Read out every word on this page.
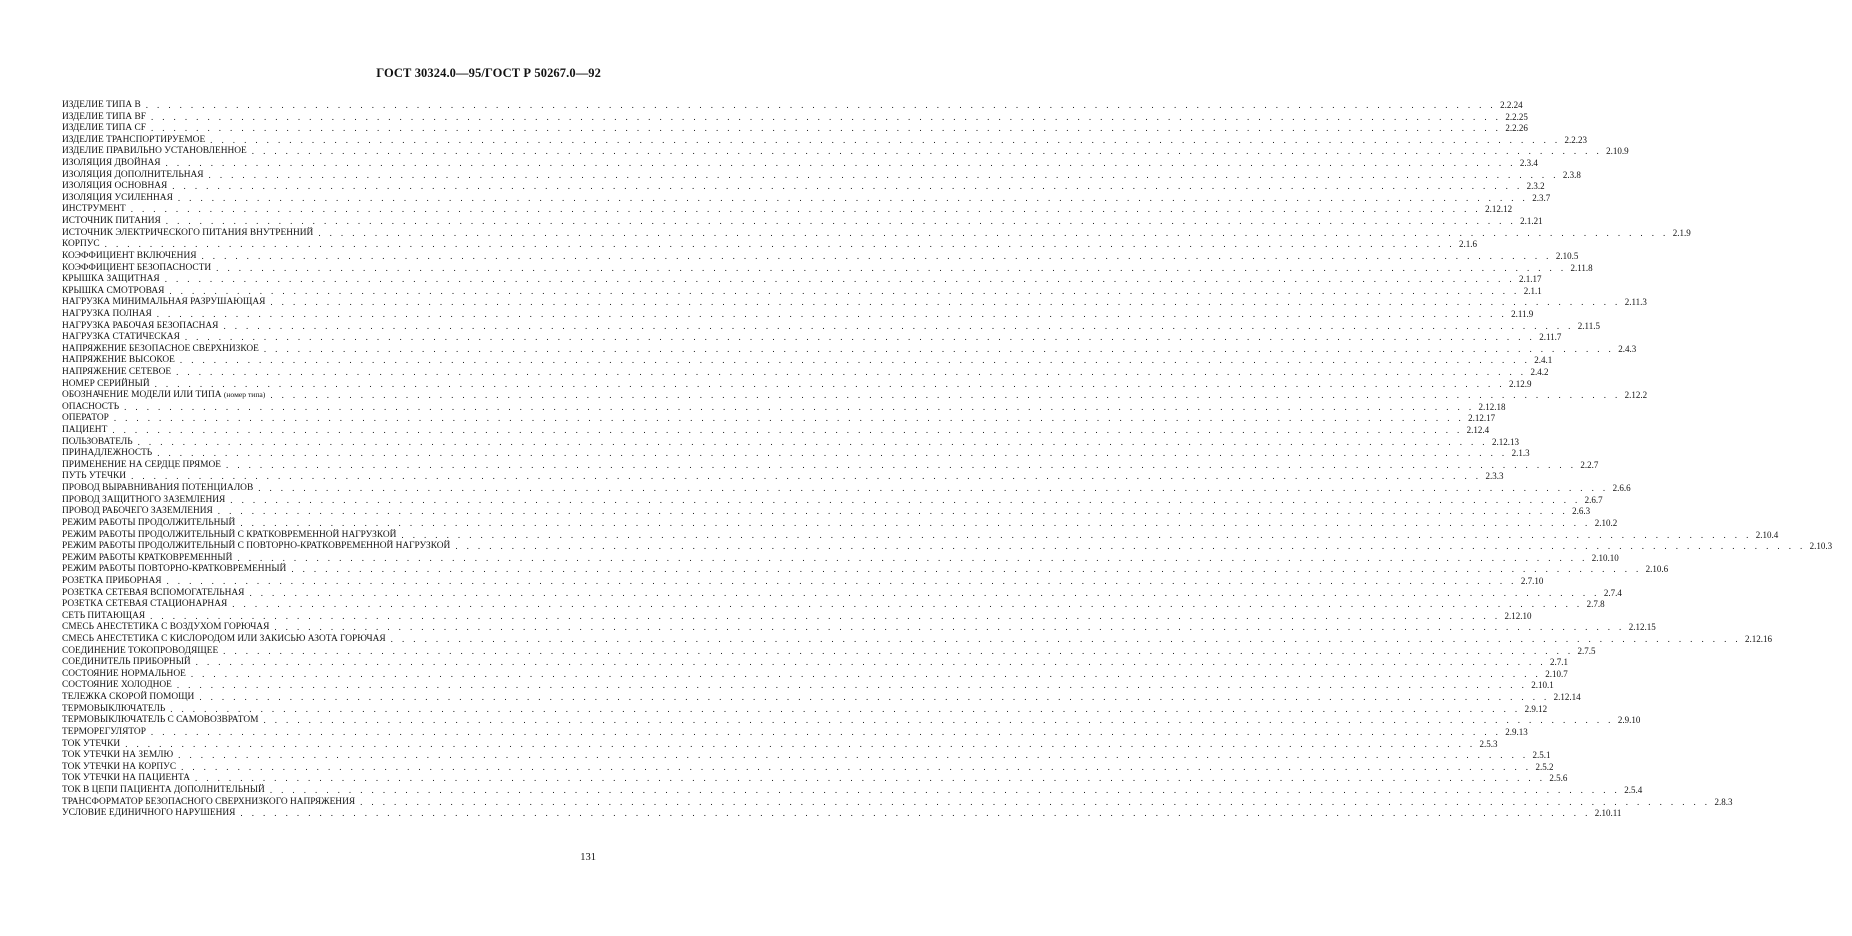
ГОСТ 30324.0—95/ГОСТ Р 50267.0—92
ИЗДЕЛИЕ ТИПА В . . . . . . . . . . . . . . . . . . . . . . . . . . . . . . . . . . . . . . . . . . . . . . . . . . . . . . . . . . . . . . . . . . . . . . . . . . . . . . . . . . . . . . . . . . . . . . . . . . . . . . . . . . . . . . . . . . . . . . . . 2.2.24
ИЗДЕЛИЕ ТИПА BF . . . . . . . . . . . . . . . . . . . . . . . . . . . . . . . . . . . . . . . . . . . . . . . . . . . . . . . . . . . . . . . . . . . . . . . . . . . . . . . . . . . . . . . . . . . . . . . . . . . . . . . . . . . . . . . . . . . . . . . . 2.2.25
ИЗДЕЛИЕ ТИПА CF . . . . . . . . . . . . . . . . . . . . . . . . . . . . . . . . . . . . . . . . . . . . . . . . . . . . . . . . . . . . . . . . . . . . . . . . . . . . . . . . . . . . . . . . . . . . . . . . . . . . . . . . . . . . . . . . . . . . . . . . 2.2.26
ИЗДЕЛИЕ ТРАНСПОРТИРУЕМОЕ . . . . . . . . . . . . . . . . . . . . . . . . . . . . . . . . . . . . . . . . . . . . . . . . . . . . . . . . . . . . . . . . . . . . . . . . . . . . . . . . . . . . . . . . . . . . . . . . . . . . . . . . . . . . . . . . . . . . . . . . 2.2.23
ИЗДЕЛИЕ ПРАВИЛЬНО УСТАНОВЛЕННОЕ . . . . . . . . . . . . . . . . . . . . . . . . . . . . . . . . . . . . . . . . . . . . . . . . . . . . . . . . . . . . . . . . . . . . . . . . . . . . . . . . . . . . . . . . . . . . . . . . . . . . . . . . . . . . . . . . . . . . . . . . 2.10.9
ИЗОЛЯЦИЯ ДВОЙНАЯ . . . . . . . . . . . . . . . . . . . . . . . . . . . . . . . . . . . . . . . . . . . . . . . . . . . . . . . . . . . . . . . . . . . . . . . . . . . . . . . . . . . . . . . . . . . . . . . . . . . . . . . . . . . . . . . . . . . . . . . . 2.3.4
ИЗОЛЯЦИЯ ДОПОЛНИТЕЛЬНАЯ . . . . . . . . . . . . . . . . . . . . . . . . . . . . . . . . . . . . . . . . . . . . . . . . . . . . . . . . . . . . . . . . . . . . . . . . . . . . . . . . . . . . . . . . . . . . . . . . . . . . . . . . . . . . . . . . . . . . . . . . 2.3.8
ИЗОЛЯЦИЯ ОСНОВНАЯ . . . . . . . . . . . . . . . . . . . . . . . . . . . . . . . . . . . . . . . . . . . . . . . . . . . . . . . . . . . . . . . . . . . . . . . . . . . . . . . . . . . . . . . . . . . . . . . . . . . . . . . . . . . . . . . . . . . . . . . . 2.3.2
ИЗОЛЯЦИЯ УСИЛЕННАЯ . . . . . . . . . . . . . . . . . . . . . . . . . . . . . . . . . . . . . . . . . . . . . . . . . . . . . . . . . . . . . . . . . . . . . . . . . . . . . . . . . . . . . . . . . . . . . . . . . . . . . . . . . . . . . . . . . . . . . . . . 2.3.7
ИНСТРУМЕНТ . . . . . . . . . . . . . . . . . . . . . . . . . . . . . . . . . . . . . . . . . . . . . . . . . . . . . . . . . . . . . . . . . . . . . . . . . . . . . . . . . . . . . . . . . . . . . . . . . . . . . . . . . . . . . . . . . . . . . . . . 2.12.12
ИСТОЧНИК ПИТАНИЯ . . . . . . . . . . . . . . . . . . . . . . . . . . . . . . . . . . . . . . . . . . . . . . . . . . . . . . . . . . . . . . . . . . . . . . . . . . . . . . . . . . . . . . . . . . . . . . . . . . . . . . . . . . . . . . . . . . . . . . . . 2.1.21
ИСТОЧНИК ЭЛЕКТРИЧЕСКОГО ПИТАНИЯ ВНУТРЕННИЙ . . . . . . . . . . . . . . . . . . . . . . . . . . . . . . . . . . . . . . . . . . . . . . . . . . . . . . . . . . . . . . . . . . . . . . . . . . . . . . . . . . . . . . . . . . . . . . . . . . . . . . . . . . . . . . . . . . . . . . . . 2.1.9
КОРПУС . . . . . . . . . . . . . . . . . . . . . . . . . . . . . . . . . . . . . . . . . . . . . . . . . . . . . . . . . . . . . . . . . . . . . . . . . . . . . . . . . . . . . . . . . . . . . . . . . . . . . . . . . . . . . . . . . . . . . . . . 2.1.6
КОЭФФИЦИЕНТ ВКЛЮЧЕНИЯ . . . . . . . . . . . . . . . . . . . . . . . . . . . . . . . . . . . . . . . . . . . . . . . . . . . . . . . . . . . . . . . . . . . . . . . . . . . . . . . . . . . . . . . . . . . . . . . . . . . . . . . . . . . . . . . . . . . . . . . . 2.10.5
КОЭФФИЦИЕНТ БЕЗОПАСНОСТИ . . . . . . . . . . . . . . . . . . . . . . . . . . . . . . . . . . . . . . . . . . . . . . . . . . . . . . . . . . . . . . . . . . . . . . . . . . . . . . . . . . . . . . . . . . . . . . . . . . . . . . . . . . . . . . . . . . . . . . . . 2.11.8
КРЫШКА ЗАЩИТНАЯ . . . . . . . . . . . . . . . . . . . . . . . . . . . . . . . . . . . . . . . . . . . . . . . . . . . . . . . . . . . . . . . . . . . . . . . . . . . . . . . . . . . . . . . . . . . . . . . . . . . . . . . . . . . . . . . . . . . . . . . . 2.1.17
КРЫШКА СМОТРОВАЯ . . . . . . . . . . . . . . . . . . . . . . . . . . . . . . . . . . . . . . . . . . . . . . . . . . . . . . . . . . . . . . . . . . . . . . . . . . . . . . . . . . . . . . . . . . . . . . . . . . . . . . . . . . . . . . . . . . . . . . . . 2.1.1
НАГРУЗКА МИНИМАЛЬНАЯ РАЗРУШАЮЩАЯ . . . . . . . . . . . . . . . . . . . . . . . . . . . . . . . . . . . . . . . . . . . . . . . . . . . . . . . . . . . . . . . . . . . . . . . . . . . . . . . . . . . . . . . . . . . . . . . . . . . . . . . . . . . . . . . . . . . . . . . . 2.11.3
НАГРУЗКА ПОЛНАЯ . . . . . . . . . . . . . . . . . . . . . . . . . . . . . . . . . . . . . . . . . . . . . . . . . . . . . . . . . . . . . . . . . . . . . . . . . . . . . . . . . . . . . . . . . . . . . . . . . . . . . . . . . . . . . . . . . . . . . . . . 2.11.9
НАГРУЗКА РАБОЧАЯ БЕЗОПАСНАЯ . . . . . . . . . . . . . . . . . . . . . . . . . . . . . . . . . . . . . . . . . . . . . . . . . . . . . . . . . . . . . . . . . . . . . . . . . . . . . . . . . . . . . . . . . . . . . . . . . . . . . . . . . . . . . . . . . . . . . . . . 2.11.5
НАГРУЗКА СТАТИЧЕСКАЯ . . . . . . . . . . . . . . . . . . . . . . . . . . . . . . . . . . . . . . . . . . . . . . . . . . . . . . . . . . . . . . . . . . . . . . . . . . . . . . . . . . . . . . . . . . . . . . . . . . . . . . . . . . . . . . . . . . . . . . . . 2.11.7
НАПРЯЖЕНИЕ БЕЗОПАСНОЕ СВЕРХНИЗКОЕ . . . . . . . . . . . . . . . . . . . . . . . . . . . . . . . . . . . . . . . . . . . . . . . . . . . . . . . . . . . . . . . . . . . . . . . . . . . . . . . . . . . . . . . . . . . . . . . . . . . . . . . . . . . . . . . . . . . . . . . . 2.4.3
НАПРЯЖЕНИЕ ВЫСОКОЕ . . . . . . . . . . . . . . . . . . . . . . . . . . . . . . . . . . . . . . . . . . . . . . . . . . . . . . . . . . . . . . . . . . . . . . . . . . . . . . . . . . . . . . . . . . . . . . . . . . . . . . . . . . . . . . . . . . . . . . . . 2.4.1
НАПРЯЖЕНИЕ СЕТЕВОЕ . . . . . . . . . . . . . . . . . . . . . . . . . . . . . . . . . . . . . . . . . . . . . . . . . . . . . . . . . . . . . . . . . . . . . . . . . . . . . . . . . . . . . . . . . . . . . . . . . . . . . . . . . . . . . . . . . . . . . . . . 2.4.2
НОМЕР СЕРИЙНЫЙ . . . . . . . . . . . . . . . . . . . . . . . . . . . . . . . . . . . . . . . . . . . . . . . . . . . . . . . . . . . . . . . . . . . . . . . . . . . . . . . . . . . . . . . . . . . . . . . . . . . . . . . . . . . . . . . . . . . . . . . . 2.12.9
ОБОЗНАЧЕНИЕ МОДЕЛИ ИЛИ ТИПА (номер типа) . . . . . . . . . . . . . . . . . . . . . . . . . . . . . . . . . . . . . . . . . . . . . . . . . . . . . . . . . . . . . . . . . . . . . . . . . . . . . . . . . . . . . . . . . . . . . . . . . . . . . . . . . . . . . . . . . . . . . . . . 2.12.2
ОПАСНОСТЬ . . . . . . . . . . . . . . . . . . . . . . . . . . . . . . . . . . . . . . . . . . . . . . . . . . . . . . . . . . . . . . . . . . . . . . . . . . . . . . . . . . . . . . . . . . . . . . . . . . . . . . . . . . . . . . . . . . . . . . . . 2.12.18
ОПЕРАТОР . . . . . . . . . . . . . . . . . . . . . . . . . . . . . . . . . . . . . . . . . . . . . . . . . . . . . . . . . . . . . . . . . . . . . . . . . . . . . . . . . . . . . . . . . . . . . . . . . . . . . . . . . . . . . . . . . . . . . . . . 2.12.17
ПАЦИЕНТ . . . . . . . . . . . . . . . . . . . . . . . . . . . . . . . . . . . . . . . . . . . . . . . . . . . . . . . . . . . . . . . . . . . . . . . . . . . . . . . . . . . . . . . . . . . . . . . . . . . . . . . . . . . . . . . . . . . . . . . . 2.12.4
ПОЛЬЗОВАТЕЛЬ . . . . . . . . . . . . . . . . . . . . . . . . . . . . . . . . . . . . . . . . . . . . . . . . . . . . . . . . . . . . . . . . . . . . . . . . . . . . . . . . . . . . . . . . . . . . . . . . . . . . . . . . . . . . . . . . . . . . . . . . 2.12.13
ПРИНАДЛЕЖНОСТЬ . . . . . . . . . . . . . . . . . . . . . . . . . . . . . . . . . . . . . . . . . . . . . . . . . . . . . . . . . . . . . . . . . . . . . . . . . . . . . . . . . . . . . . . . . . . . . . . . . . . . . . . . . . . . . . . . . . . . . . . . 2.1.3
ПРИМЕНЕНИЕ НА СЕРДЦЕ ПРЯМОЕ . . . . . . . . . . . . . . . . . . . . . . . . . . . . . . . . . . . . . . . . . . . . . . . . . . . . . . . . . . . . . . . . . . . . . . . . . . . . . . . . . . . . . . . . . . . . . . . . . . . . . . . . . . . . . . . . . . . . . . . . 2.2.7
ПУТЬ УТЕЧКИ . . . . . . . . . . . . . . . . . . . . . . . . . . . . . . . . . . . . . . . . . . . . . . . . . . . . . . . . . . . . . . . . . . . . . . . . . . . . . . . . . . . . . . . . . . . . . . . . . . . . . . . . . . . . . . . . . . . . . . . . 2.3.3
ПРОВОД ВЫРАВНИВАНИЯ ПОТЕНЦИАЛОВ . . . . . . . . . . . . . . . . . . . . . . . . . . . . . . . . . . . . . . . . . . . . . . . . . . . . . . . . . . . . . . . . . . . . . . . . . . . . . . . . . . . . . . . . . . . . . . . . . . . . . . . . . . . . . . . . . . . . . . . . 2.6.6
ПРОВОД ЗАЩИТНОГО ЗАЗЕМЛЕНИЯ . . . . . . . . . . . . . . . . . . . . . . . . . . . . . . . . . . . . . . . . . . . . . . . . . . . . . . . . . . . . . . . . . . . . . . . . . . . . . . . . . . . . . . . . . . . . . . . . . . . . . . . . . . . . . . . . . . . . . . . . 2.6.7
ПРОВОД РАБОЧЕГО ЗАЗЕМЛЕНИЯ . . . . . . . . . . . . . . . . . . . . . . . . . . . . . . . . . . . . . . . . . . . . . . . . . . . . . . . . . . . . . . . . . . . . . . . . . . . . . . . . . . . . . . . . . . . . . . . . . . . . . . . . . . . . . . . . . . . . . . . . 2.6.3
РЕЖИМ РАБОТЫ ПРОДОЛЖИТЕЛЬНЫЙ . . . . . . . . . . . . . . . . . . . . . . . . . . . . . . . . . . . . . . . . . . . . . . . . . . . . . . . . . . . . . . . . . . . . . . . . . . . . . . . . . . . . . . . . . . . . . . . . . . . . . . . . . . . . . . . . . . . . . . . . 2.10.2
РЕЖИМ РАБОТЫ ПРОДОЛЖИТЕЛЬНЫЙ С КРАТКОВРЕМЕННОЙ НАГРУЗКОЙ . . . . . . . . . . . . . . . . . . . . . . . . . . . . . . . . . . . . . . . . . . . . . . . . . . . . . . . . . . . . . . . . . . . . . . . . . . . . . . . . . . . . . . . . . . . . . . . . . . . . . . . . . . . . . . . . . . . . . . . . 2.10.4
РЕЖИМ РАБОТЫ ПРОДОЛЖИТЕЛЬНЫЙ С ПОВТОРНО-КРАТКОВРЕМЕННОЙ НАГРУЗКОЙ . . . . . . . . . . . . . . . . . . . . . . . . . . . . . . . . . . . . . . . . . . . . . . . . . . . . . . . . . . . . . . . . . . . . . . . . . . . . . . . . . . . . . . . . . . . . . . . . . . . . . . . . . . . . . . . . . . . . . . . . 2.10.3
РЕЖИМ РАБОТЫ КРАТКОВРЕМЕННЫЙ . . . . . . . . . . . . . . . . . . . . . . . . . . . . . . . . . . . . . . . . . . . . . . . . . . . . . . . . . . . . . . . . . . . . . . . . . . . . . . . . . . . . . . . . . . . . . . . . . . . . . . . . . . . . . . . . . . . . . . . . 2.10.10
РЕЖИМ РАБОТЫ ПОВТОРНО-КРАТКОВРЕМЕННЫЙ . . . . . . . . . . . . . . . . . . . . . . . . . . . . . . . . . . . . . . . . . . . . . . . . . . . . . . . . . . . . . . . . . . . . . . . . . . . . . . . . . . . . . . . . . . . . . . . . . . . . . . . . . . . . . . . . . . . . . . . . 2.10.6
РОЗЕТКА ПРИБОРНАЯ . . . . . . . . . . . . . . . . . . . . . . . . . . . . . . . . . . . . . . . . . . . . . . . . . . . . . . . . . . . . . . . . . . . . . . . . . . . . . . . . . . . . . . . . . . . . . . . . . . . . . . . . . . . . . . . . . . . . . . . . 2.7.10
РОЗЕТКА СЕТЕВАЯ ВСПОМОГАТЕЛЬНАЯ . . . . . . . . . . . . . . . . . . . . . . . . . . . . . . . . . . . . . . . . . . . . . . . . . . . . . . . . . . . . . . . . . . . . . . . . . . . . . . . . . . . . . . . . . . . . . . . . . . . . . . . . . . . . . . . . . . . . . . . . 2.7.4
РОЗЕТКА СЕТЕВАЯ СТАЦИОНАРНАЯ . . . . . . . . . . . . . . . . . . . . . . . . . . . . . . . . . . . . . . . . . . . . . . . . . . . . . . . . . . . . . . . . . . . . . . . . . . . . . . . . . . . . . . . . . . . . . . . . . . . . . . . . . . . . . . . . . . . . . . . . 2.7.8
СЕТЬ ПИТАЮЩАЯ . . . . . . . . . . . . . . . . . . . . . . . . . . . . . . . . . . . . . . . . . . . . . . . . . . . . . . . . . . . . . . . . . . . . . . . . . . . . . . . . . . . . . . . . . . . . . . . . . . . . . . . . . . . . . . . . . . . . . . . . 2.12.10
СМЕСЬ АНЕСТЕТИКА С ВОЗДУХОМ ГОРЮЧАЯ . . . . . . . . . . . . . . . . . . . . . . . . . . . . . . . . . . . . . . . . . . . . . . . . . . . . . . . . . . . . . . . . . . . . . . . . . . . . . . . . . . . . . . . . . . . . . . . . . . . . . . . . . . . . . . . . . . . . . . . . 2.12.15
СМЕСЬ АНЕСТЕТИКА С КИСЛОРОДОМ ИЛИ ЗАКИСЬЮ АЗОТА ГОРЮЧАЯ . . . . . . . . . . . . . . . . . . . . . . . . . . . . . . . . . . . . . . . . . . . . . . . . . . . . . . . . . . . . . . . . . . . . . . . . . . . . . . . . . . . . . . . . . . . . . . . . . . . . . . . . . . . . . . . . . . . . . . . . 2.12.16
СОЕДИНЕНИЕ ТОКОПРОВОДЯЩЕЕ . . . . . . . . . . . . . . . . . . . . . . . . . . . . . . . . . . . . . . . . . . . . . . . . . . . . . . . . . . . . . . . . . . . . . . . . . . . . . . . . . . . . . . . . . . . . . . . . . . . . . . . . . . . . . . . . . . . . . . . . 2.7.5
СОЕДИНИТЕЛЬ ПРИБОРНЫЙ . . . . . . . . . . . . . . . . . . . . . . . . . . . . . . . . . . . . . . . . . . . . . . . . . . . . . . . . . . . . . . . . . . . . . . . . . . . . . . . . . . . . . . . . . . . . . . . . . . . . . . . . . . . . . . . . . . . . . . . . 2.7.1
СОСТОЯНИЕ НОРМАЛЬНОЕ . . . . . . . . . . . . . . . . . . . . . . . . . . . . . . . . . . . . . . . . . . . . . . . . . . . . . . . . . . . . . . . . . . . . . . . . . . . . . . . . . . . . . . . . . . . . . . . . . . . . . . . . . . . . . . . . . . . . . . . . 2.10.7
СОСТОЯНИЕ ХОЛОДНОЕ . . . . . . . . . . . . . . . . . . . . . . . . . . . . . . . . . . . . . . . . . . . . . . . . . . . . . . . . . . . . . . . . . . . . . . . . . . . . . . . . . . . . . . . . . . . . . . . . . . . . . . . . . . . . . . . . . . . . . . . . 2.10.1
ТЕЛЕЖКА СКОРОЙ ПОМОЩИ . . . . . . . . . . . . . . . . . . . . . . . . . . . . . . . . . . . . . . . . . . . . . . . . . . . . . . . . . . . . . . . . . . . . . . . . . . . . . . . . . . . . . . . . . . . . . . . . . . . . . . . . . . . . . . . . . . . . . . . . 2.12.14
ТЕРМОВЫКЛЮЧАТЕЛЬ . . . . . . . . . . . . . . . . . . . . . . . . . . . . . . . . . . . . . . . . . . . . . . . . . . . . . . . . . . . . . . . . . . . . . . . . . . . . . . . . . . . . . . . . . . . . . . . . . . . . . . . . . . . . . . . . . . . . . . . . 2.9.12
ТЕРМОВЫКЛЮЧАТЕЛЬ С САМОВОЗВРАТОМ . . . . . . . . . . . . . . . . . . . . . . . . . . . . . . . . . . . . . . . . . . . . . . . . . . . . . . . . . . . . . . . . . . . . . . . . . . . . . . . . . . . . . . . . . . . . . . . . . . . . . . . . . . . . . . . . . . . . . . . . 2.9.10
ТЕРМОРЕГУЛЯТОР . . . . . . . . . . . . . . . . . . . . . . . . . . . . . . . . . . . . . . . . . . . . . . . . . . . . . . . . . . . . . . . . . . . . . . . . . . . . . . . . . . . . . . . . . . . . . . . . . . . . . . . . . . . . . . . . . . . . . . . . 2.9.13
ТОК УТЕЧКИ . . . . . . . . . . . . . . . . . . . . . . . . . . . . . . . . . . . . . . . . . . . . . . . . . . . . . . . . . . . . . . . . . . . . . . . . . . . . . . . . . . . . . . . . . . . . . . . . . . . . . . . . . . . . . . . . . . . . . . . . 2.5.3
ТОК УТЕЧКИ НА ЗЕМЛЮ . . . . . . . . . . . . . . . . . . . . . . . . . . . . . . . . . . . . . . . . . . . . . . . . . . . . . . . . . . . . . . . . . . . . . . . . . . . . . . . . . . . . . . . . . . . . . . . . . . . . . . . . . . . . . . . . . . . . . . . . 2.5.1
ТОК УТЕЧКИ НА КОРПУС . . . . . . . . . . . . . . . . . . . . . . . . . . . . . . . . . . . . . . . . . . . . . . . . . . . . . . . . . . . . . . . . . . . . . . . . . . . . . . . . . . . . . . . . . . . . . . . . . . . . . . . . . . . . . . . . . . . . . . . . 2.5.2
ТОК УТЕЧКИ НА ПАЦИЕНТА . . . . . . . . . . . . . . . . . . . . . . . . . . . . . . . . . . . . . . . . . . . . . . . . . . . . . . . . . . . . . . . . . . . . . . . . . . . . . . . . . . . . . . . . . . . . . . . . . . . . . . . . . . . . . . . . . . . . . . . . 2.5.6
ТОК В ЦЕПИ ПАЦИЕНТА ДОПОЛНИТЕЛЬНЫЙ . . . . . . . . . . . . . . . . . . . . . . . . . . . . . . . . . . . . . . . . . . . . . . . . . . . . . . . . . . . . . . . . . . . . . . . . . . . . . . . . . . . . . . . . . . . . . . . . . . . . . . . . . . . . . . . . . . . . . . . . 2.5.4
ТРАНСФОРМАТОР БЕЗОПАСНОГО СВЕРХНИЗКОГО НАПРЯЖЕНИЯ . . . . . . . . . . . . . . . . . . . . . . . . . . . . . . . . . . . . . . . . . . . . . . . . . . . . . . . . . . . . . . . . . . . . . . . . . . . . . . . . . . . . . . . . . . . . . . . . . . . . . . . . . . . . . . . . . . . . . . . . 2.8.3
УСЛОВИЕ ЕДИНИЧНОГО НАРУШЕНИЯ . . . . . . . . . . . . . . . . . . . . . . . . . . . . . . . . . . . . . . . . . . . . . . . . . . . . . . . . . . . . . . . . . . . . . . . . . . . . . . . . . . . . . . . . . . . . . . . . . . . . . . . . . . . . . . . . . . . . . . . . 2.10.11
131
